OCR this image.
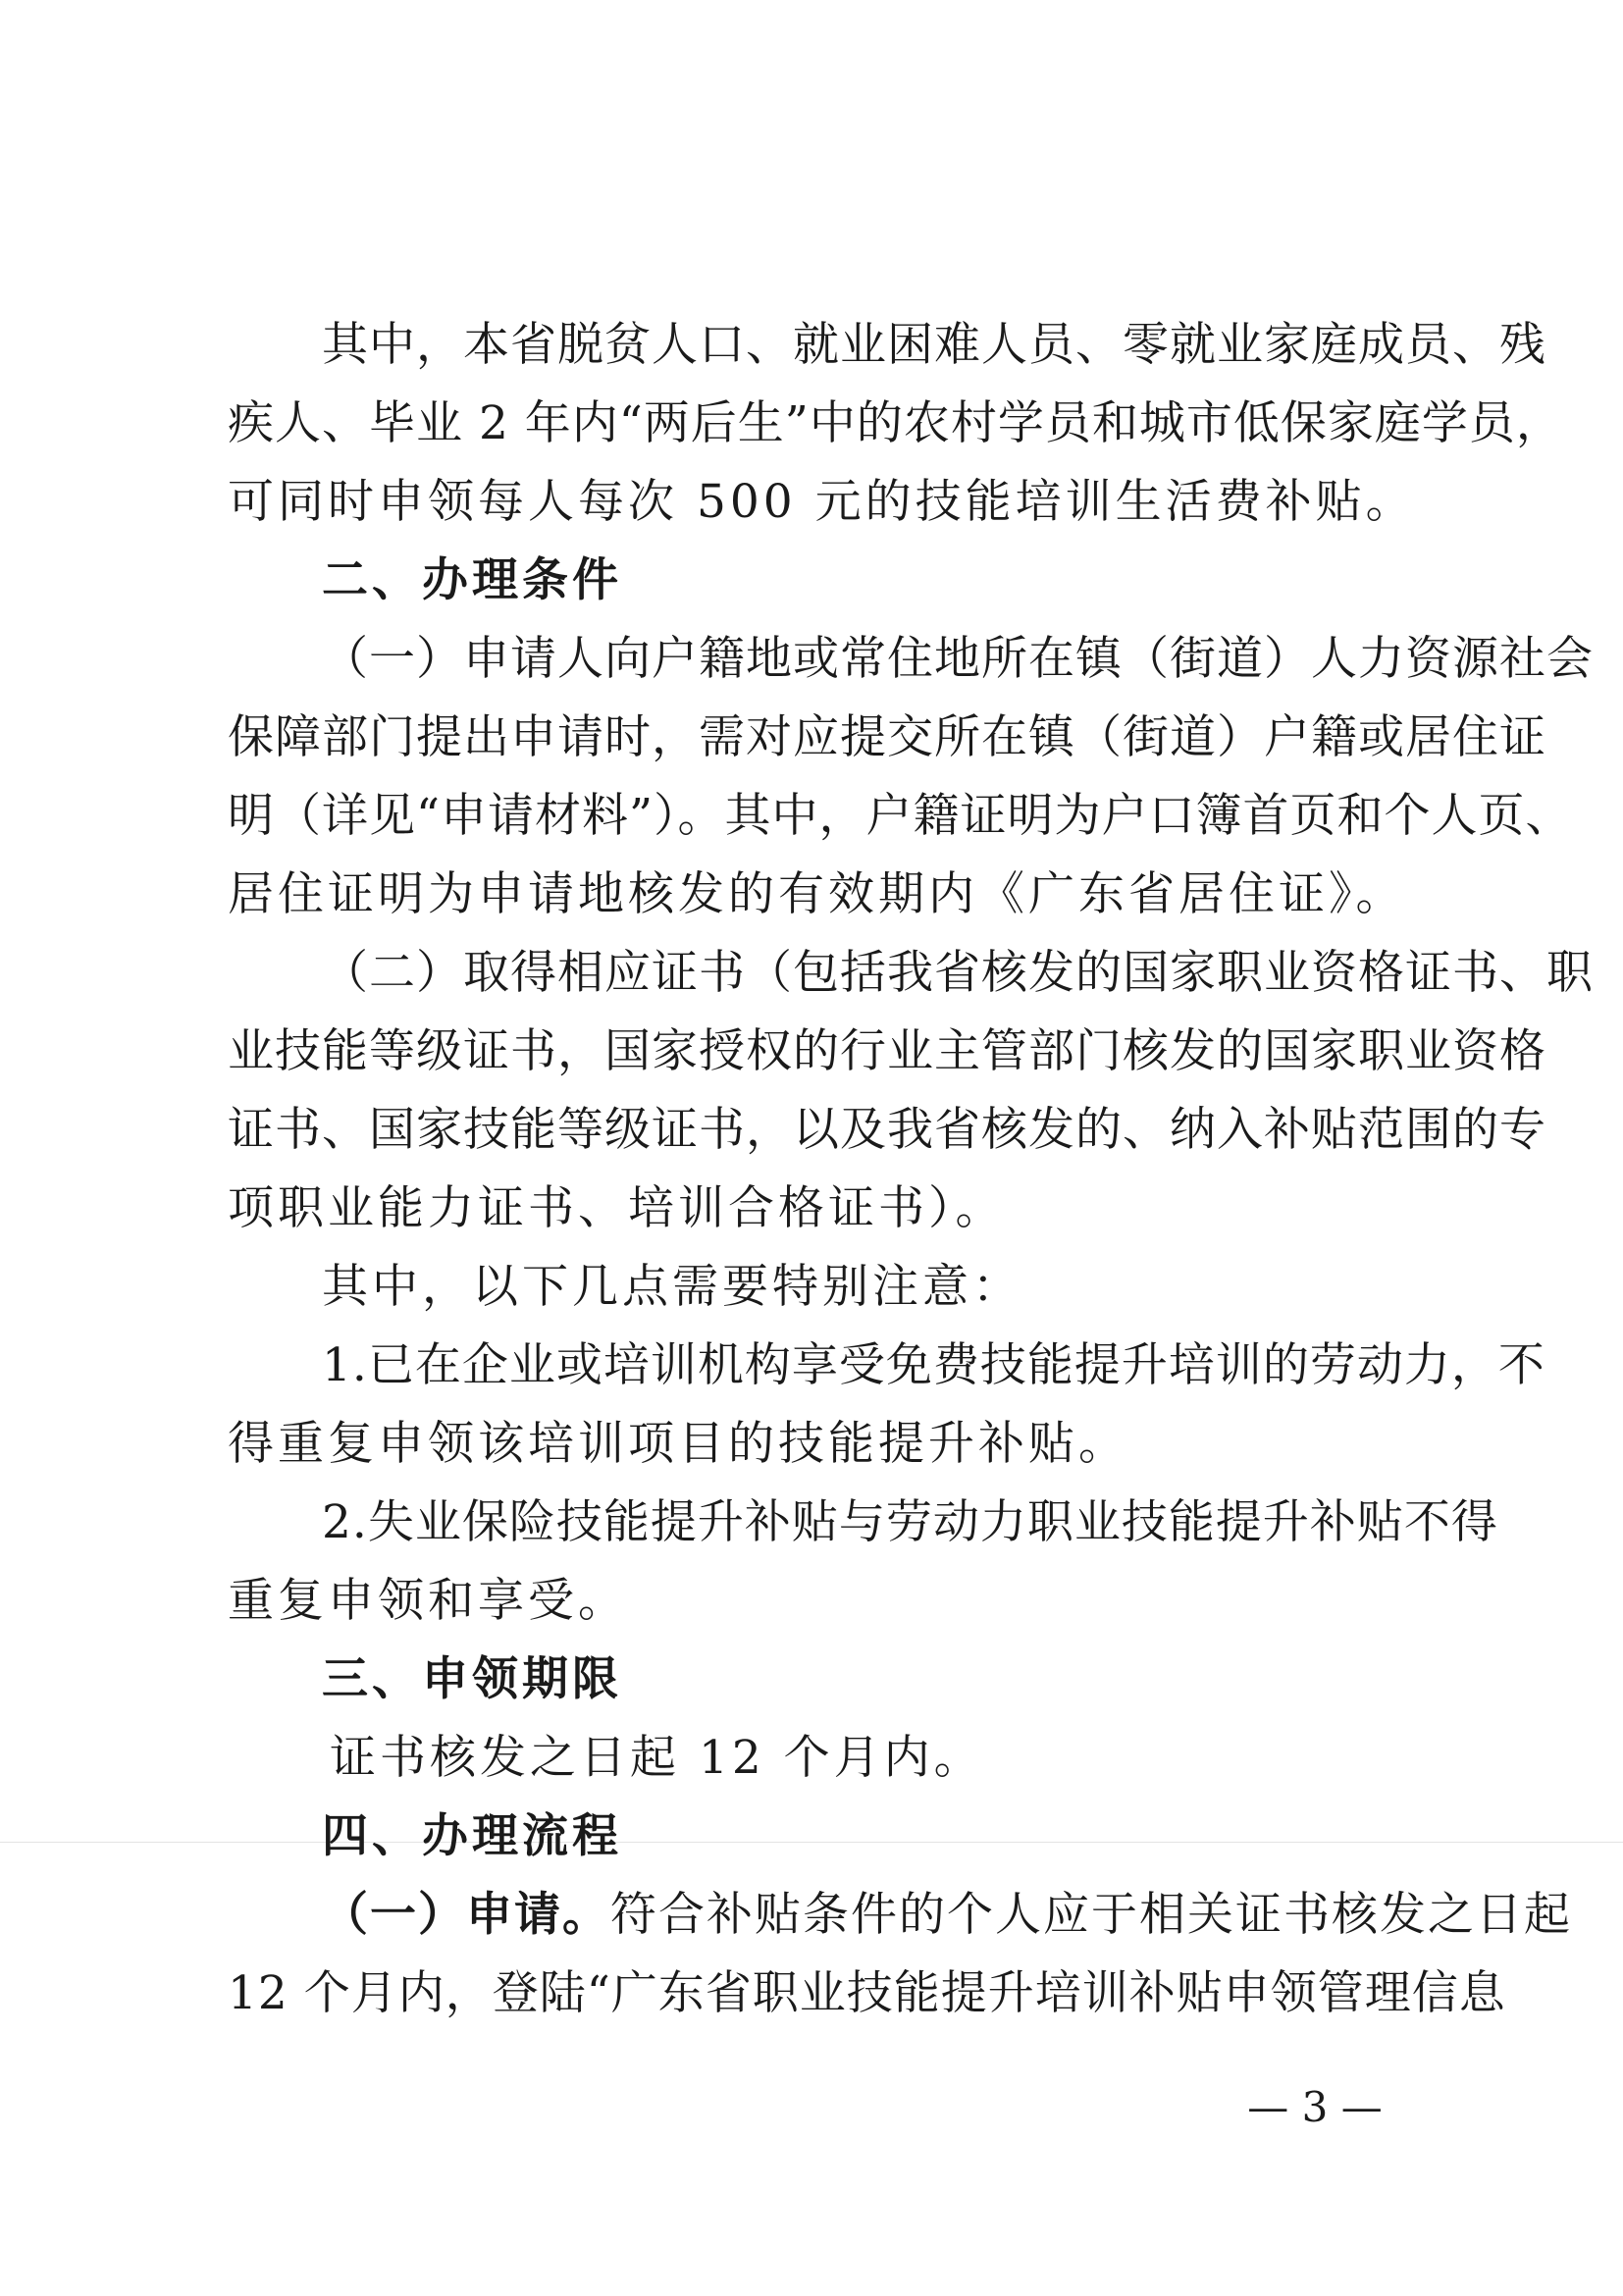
其中，本省脱贫人口、就业困难人员、零就业家庭成员、残
疾人、毕业 2 年内“两后生”中的农村学员和城市低保家庭学员，
可同时申领每人每次 500 元的技能培训生活费补贴。
二、办理条件
（一）申请人向户籍地或常住地所在镇（街道）人力资源社会
保障部门提出申请时，需对应提交所在镇（街道）户籍或居住证
明（详见“申请材料”）。其中，户籍证明为户口簿首页和个人页、
居住证明为申请地核发的有效期内《广东省居住证》。
（二）取得相应证书（包括我省核发的国家职业资格证书、职
业技能等级证书，国家授权的行业主管部门核发的国家职业资格
证书、国家技能等级证书，以及我省核发的、纳入补贴范围的专
项职业能力证书、培训合格证书）。
其中，以下几点需要特别注意：
1.已在企业或培训机构享受免费技能提升培训的劳动力，不
得重复申领该培训项目的技能提升补贴。
2.失业保险技能提升补贴与劳动力职业技能提升补贴不得
重复申领和享受。
三、申领期限
证书核发之日起 12 个月内。
四、办理流程
（一）申请。符合补贴条件的个人应于相关证书核发之日起
12 个月内，登陆“广东省职业技能提升培训补贴申领管理信息
— 3 —
